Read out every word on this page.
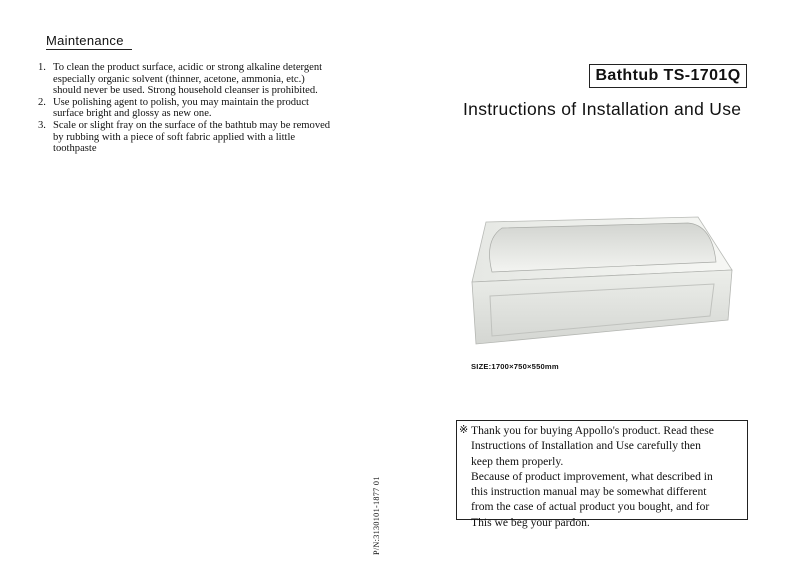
Maintenance
1. To clean the product surface, acidic or strong alkaline detergent
especially organic solvent (thinner, acetone, ammonia, etc.)
should never be used. Strong household cleanser is prohibited.
2. Use polishing agent to polish, you may maintain the product
surface bright and glossy as new one.
3. Scale or slight fray on the surface of the bathtub may be removed
by rubbing with a piece of soft fabric applied with a little
toothpaste
P/N:3130101-1877 01
Bathtub TS-1701Q
Instructions of Installation and Use
SIZE:1700×750×550mm
※ Thank you for buying Appollo's product. Read these

Instructions of Installation and Use carefully then

keep them properly.

Because of product improvement, what described in

this instruction manual may be somewhat different

from the case of actual product you bought, and for

This we beg your pardon.
